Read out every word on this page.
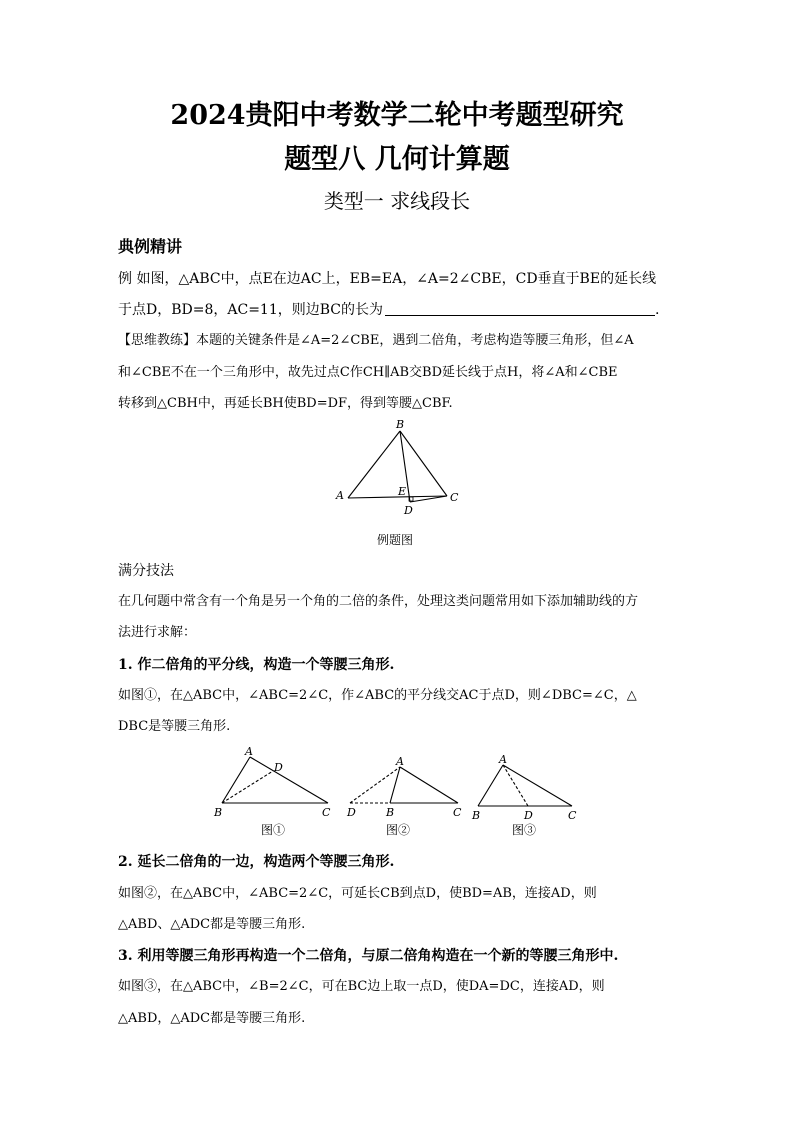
2024贵阳中考数学二轮中考题型研究
题型八 几何计算题
类型一 求线段长
典例精讲
例 如图，△ABC中，点E在边AC上，EB=EA，∠A=2∠CBE，CD垂直于BE的延长线
于点D，BD=8，AC=11，则边BC的长为	.
【思维教练】本题的关键条件是∠A=2∠CBE，遇到二倍角，考虑构造等腰三角形，但∠A
和∠CBE不在一个三角形中，故先过点C作CH∥AB交BD延长线于点H，将∠A和∠CBE
转移到△CBH中，再延长BH使BD=DF，得到等腰△CBF.
A
B
C
D
E
例题图
满分技法
在几何题中常含有一个角是另一个角的二倍的条件，处理这类问题常用如下添加辅助线的方
法进行求解：
1. 作二倍角的平分线，构造一个等腰三角形.
如图①，在△ABC中，∠ABC=2∠C，作∠ABC的平分线交AC于点D，则∠DBC=∠C，△
DBC是等腰三角形.
A
B	C
D
图①
A
B	C
D
图②
A
B	C
D
图③
2. 延长二倍角的一边，构造两个等腰三角形.
如图②，在△ABC中，∠ABC=2∠C，可延长CB到点D，使BD=AB，连接AD，则
△ABD、△ADC都是等腰三角形.
3. 利用等腰三角形再构造一个二倍角，与原二倍角构造在一个新的等腰三角形中.
如图③，在△ABC中，∠B=2∠C，可在BC边上取一点D，使DA=DC，连接AD，则
△ABD，△ADC都是等腰三角形.
